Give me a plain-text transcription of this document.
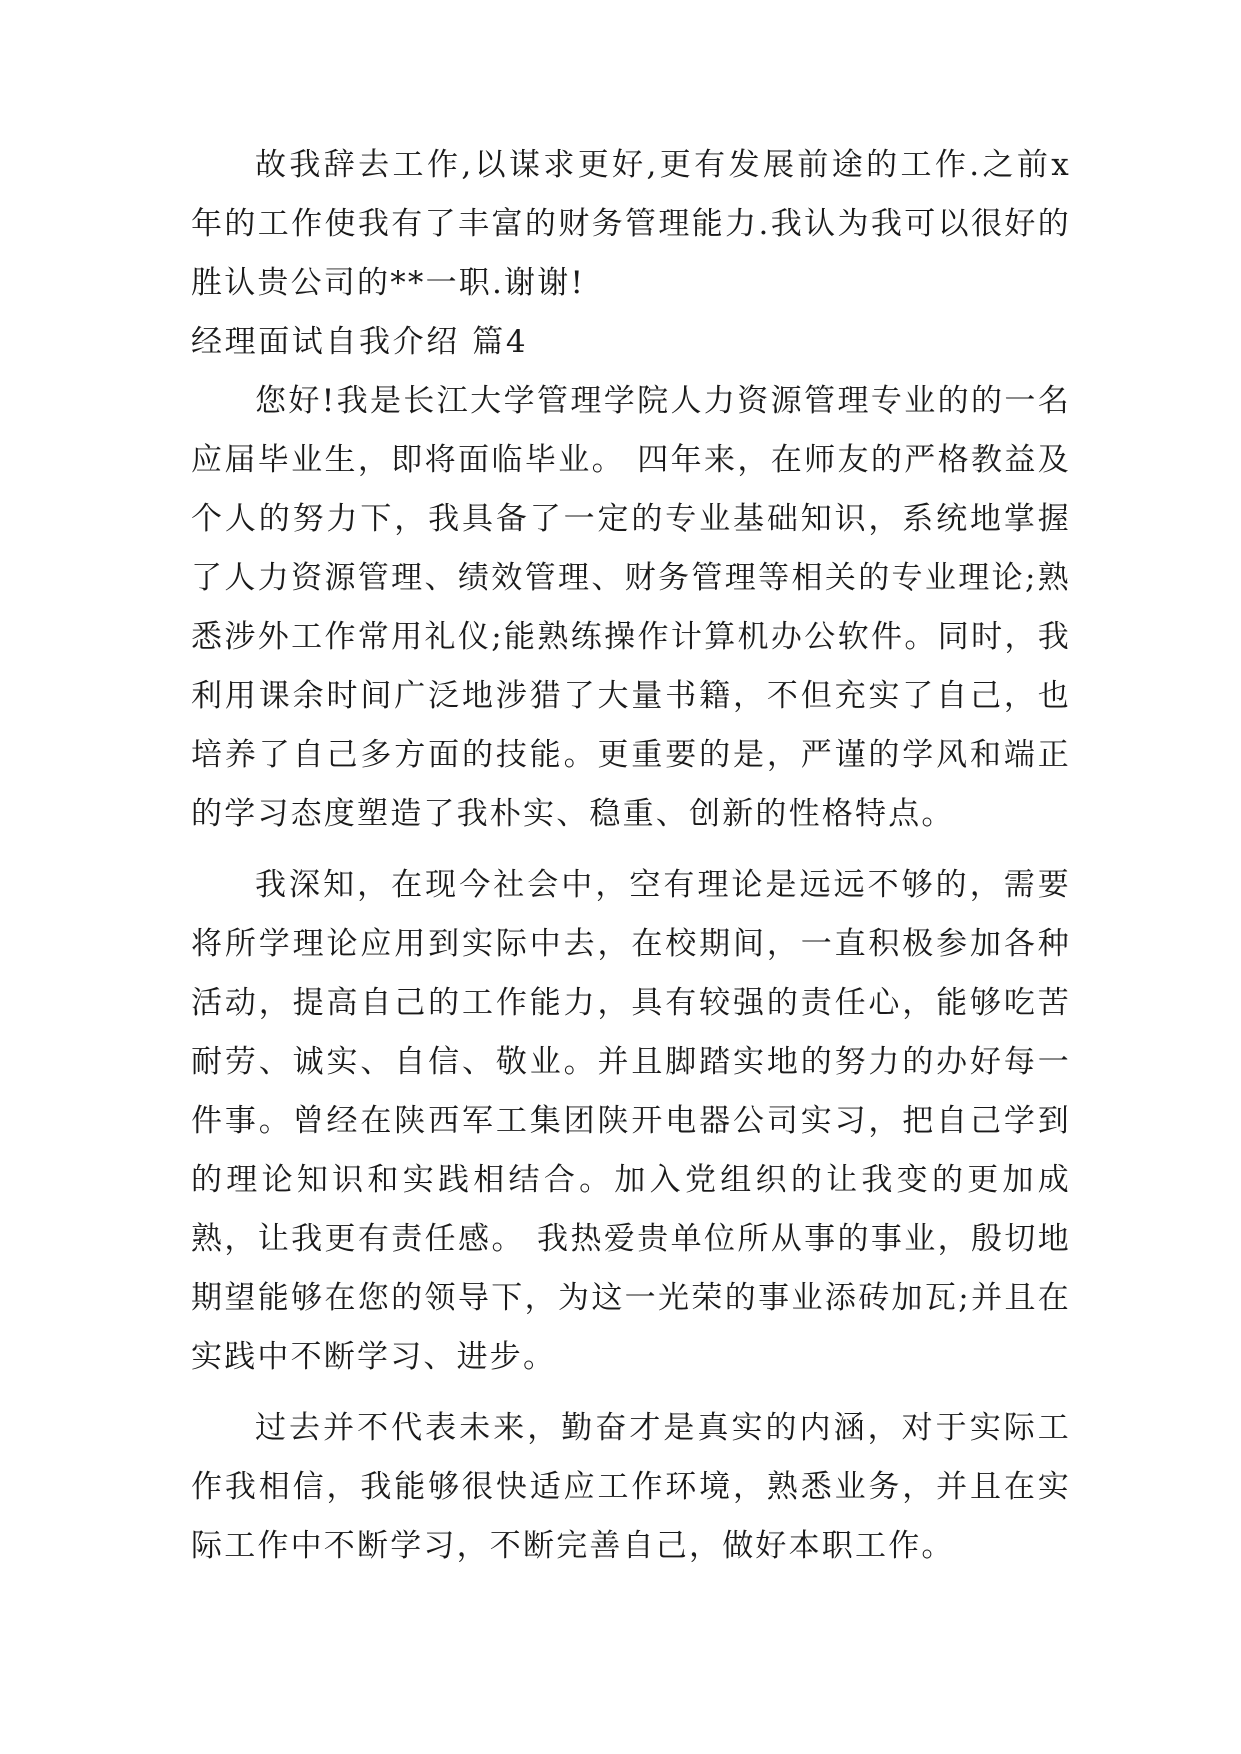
故我辞去工作,以谋求更好,更有发展前途的工作.之前x年的工作使我有了丰富的财务管理能力.我认为我可以很好的胜认贵公司的**一职.谢谢!

经理面试自我介绍 篇4

您好!我是长江大学管理学院人力资源管理专业的的一名应届毕业生，即将面临毕业。 四年来，在师友的严格教益及个人的努力下，我具备了一定的专业基础知识，系统地掌握了人力资源管理、绩效管理、财务管理等相关的专业理论;熟悉涉外工作常用礼仪;能熟练操作计算机办公软件。同时，我利用课余时间广泛地涉猎了大量书籍，不但充实了自己，也培养了自己多方面的技能。更重要的是，严谨的学风和端正的学习态度塑造了我朴实、稳重、创新的性格特点。

我深知，在现今社会中，空有理论是远远不够的，需要将所学理论应用到实际中去，在校期间，一直积极参加各种活动，提高自己的工作能力，具有较强的责任心，能够吃苦耐劳、诚实、自信、敬业。并且脚踏实地的努力的办好每一件事。曾经在陕西军工集团陕开电器公司实习，把自己学到的理论知识和实践相结合。加入党组织的让我变的更加成熟，让我更有责任感。 我热爱贵单位所从事的事业，殷切地期望能够在您的领导下，为这一光荣的事业添砖加瓦;并且在实践中不断学习、进步。

过去并不代表未来，勤奋才是真实的内涵，对于实际工作我相信，我能够很快适应工作环境，熟悉业务，并且在实际工作中不断学习，不断完善自己，做好本职工作。
